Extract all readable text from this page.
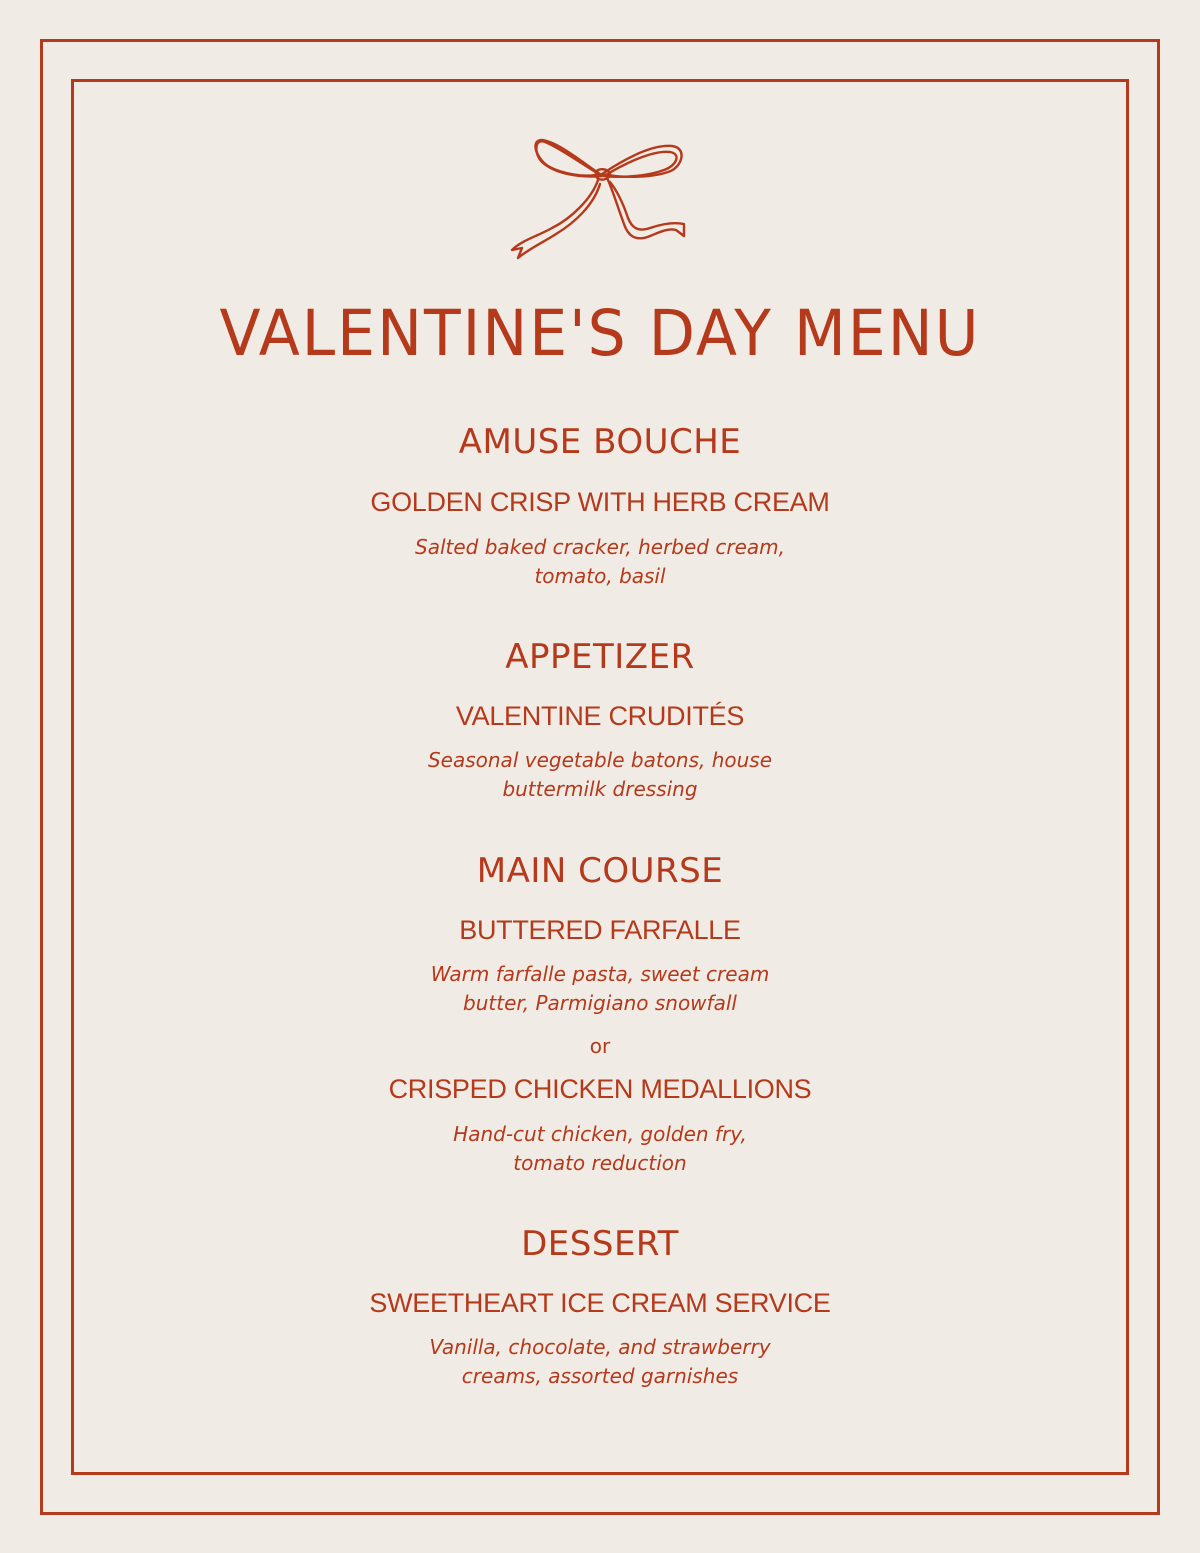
VALENTINE'S DAY MENU
AMUSE BOUCHE
GOLDEN CRISP WITH HERB CREAM
Salted baked cracker, herbed cream,
tomato, basil
APPETIZER
VALENTINE CRUDITÉS
Seasonal vegetable batons, house
buttermilk dressing
MAIN COURSE
BUTTERED FARFALLE
Warm farfalle pasta, sweet cream
butter, Parmigiano snowfall
or
CRISPED CHICKEN MEDALLIONS
Hand-cut chicken, golden fry,
tomato reduction
DESSERT
SWEETHEART ICE CREAM SERVICE
Vanilla, chocolate, and strawberry
creams, assorted garnishes
